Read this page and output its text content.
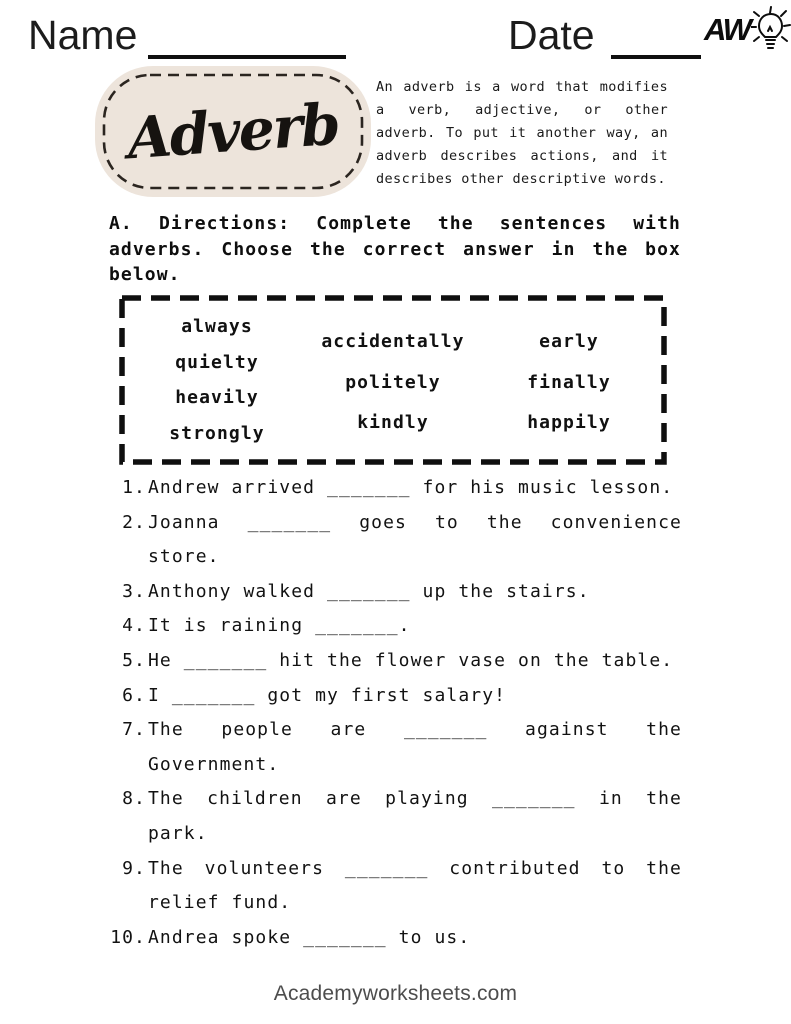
Name	Date	AW
Adverb

An adverb is a word that modifies a verb, adjective, or other adverb. To put it another way, an adverb describes actions, and it describes other descriptive words.

A. Directions: Complete the sentences with adverbs. Choose the correct answer in the box below.

always
quielty
heavily
strongly
accidentally
politely
kindly
early
finally
happily
1. Andrew arrived _______ for his music lesson.
2. Joanna _______ goes to the convenience store.
3. Anthony walked _______ up the stairs.
4. It is raining _______.
5. He _______ hit the flower vase on the table.
6. I _______ got my first salary!
7. The people are _______ against the Government.
8. The children are playing _______ in the park.
9. The volunteers _______ contributed to the relief fund.
10. Andrea spoke _______ to us.
Academyworksheets.com
